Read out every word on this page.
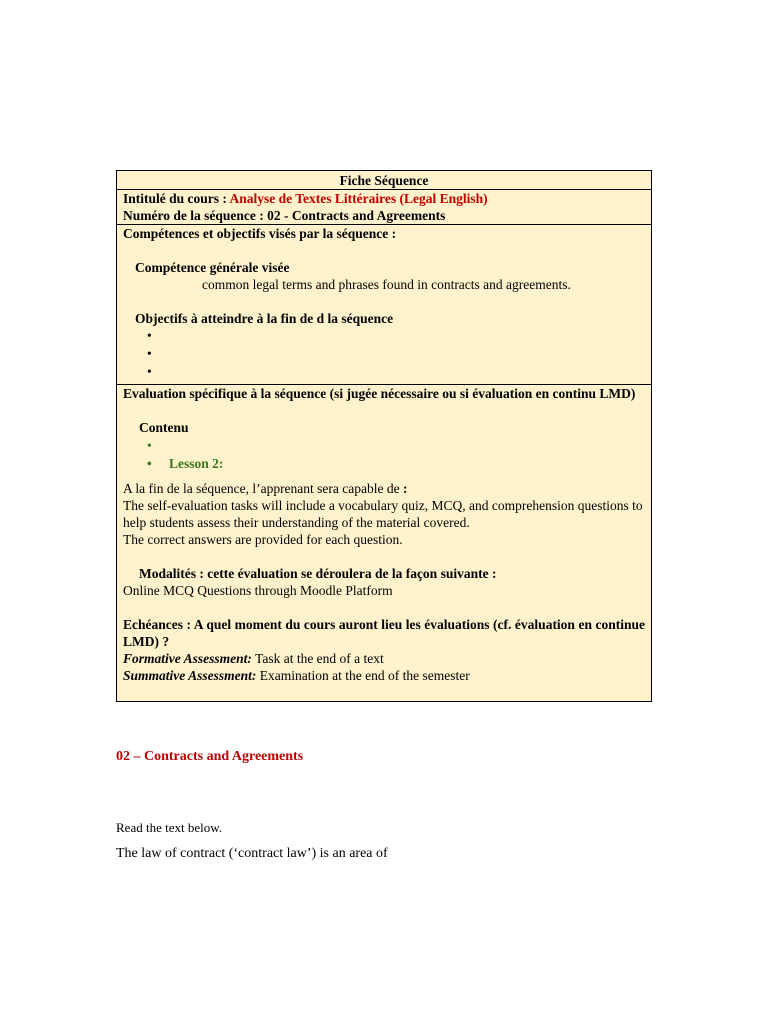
Fiche Séquence
Intitulé du cours : Analyse de Textes Littéraires (Legal English)
Numéro de la séquence : 02 - Contracts and Agreements
Compétences et objectifs visés par la séquence :
Compétence générale visée
common legal terms and phrases found in contracts and agreements.
Objectifs à atteindre à la fin de d la séquence
•
•
•
Evaluation spécifique à la séquence (si jugée nécessaire ou si évaluation en continu LMD)
Contenu
•
• Lesson 2:
A la fin de la séquence, l’apprenant sera capable de :
The self-evaluation tasks will include a vocabulary quiz, MCQ, and comprehension questions to help students assess their understanding of the material covered.
The correct answers are provided for each question.
Modalités : cette évaluation se déroulera de la façon suivante :
Online MCQ Questions through Moodle Platform
Echéances : A quel moment du cours auront lieu les évaluations (cf. évaluation en continue LMD) ?
Formative Assessment: Task at the end of a text
Summative Assessment: Examination at the end of the semester
02 – Contracts and Agreements
Read the text below.
The law of contract (‘contract law’) is an area of
